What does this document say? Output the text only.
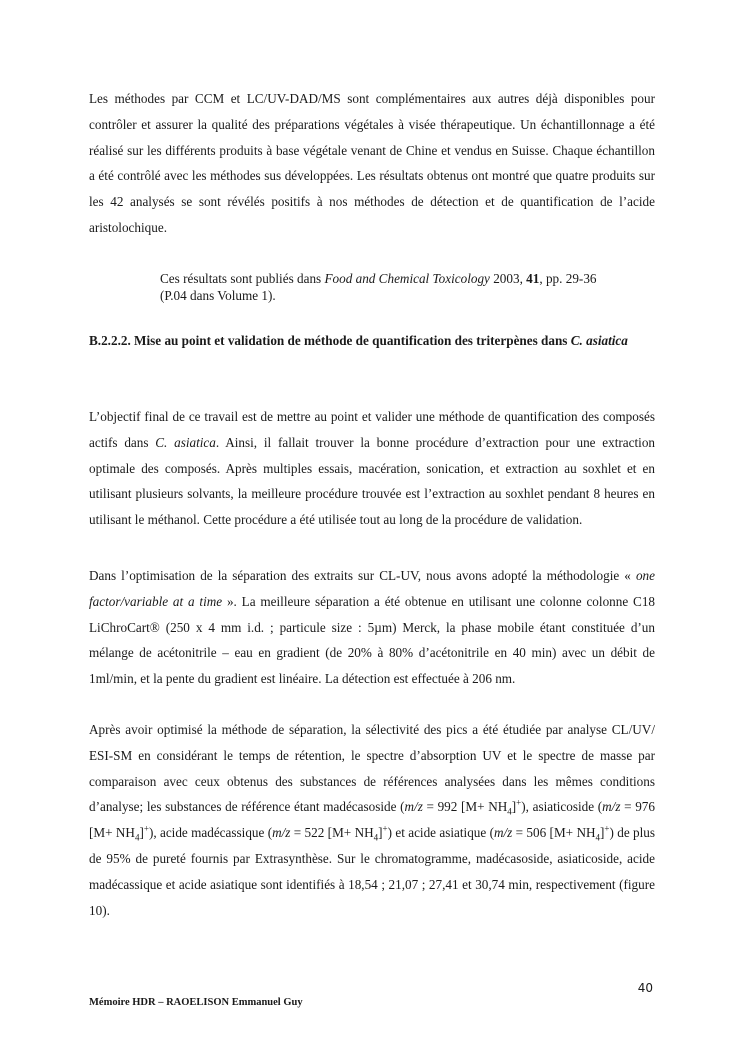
Les méthodes par CCM et LC/UV-DAD/MS sont complémentaires aux autres déjà disponibles pour contrôler et assurer la qualité des préparations végétales à visée thérapeutique. Un échantillonnage a été réalisé sur les différents produits à base végétale venant de Chine et vendus en Suisse. Chaque échantillon a été contrôlé avec les méthodes sus développées. Les résultats obtenus ont montré que quatre produits sur les 42 analysés se sont révélés positifs à nos méthodes de détection et de quantification de l’acide aristolochique.

Ces résultats sont publiés dans Food and Chemical Toxicology 2003, 41, pp. 29-36
(P.04 dans Volume 1).

B.2.2.2. Mise au point et validation de méthode de quantification des triterpènes dans C. asiatica

L’objectif final de ce travail est de mettre au point et valider une méthode de quantification des composés actifs dans C. asiatica. Ainsi, il fallait trouver la bonne procédure d’extraction pour une extraction optimale des composés. Après multiples essais, macération, sonication, et extraction au soxhlet et en utilisant plusieurs solvants, la meilleure procédure trouvée est l’extraction au soxhlet pendant 8 heures en utilisant le méthanol. Cette procédure a été utilisée tout au long de la procédure de validation.

Dans l’optimisation de la séparation des extraits sur CL-UV, nous avons adopté la méthodologie « one factor/variable at a time ». La meilleure séparation a été obtenue en utilisant une colonne colonne C18 LiChroCart® (250 x 4 mm i.d. ; particule size : 5µm) Merck, la phase mobile étant constituée d’un mélange de acétonitrile – eau en gradient (de 20% à 80% d’acétonitrile en 40 min) avec un débit de 1ml/min, et la pente du gradient est linéaire. La détection est effectuée à 206 nm.

Après avoir optimisé la méthode de séparation, la sélectivité des pics a été étudiée par analyse CL/UV/ ESI-SM en considérant le temps de rétention, le spectre d’absorption UV et le spectre de masse par comparaison avec ceux obtenus des substances de références analysées dans les mêmes conditions d’analyse; les substances de référence étant madécasoside (m/z = 992 $[M+ NH_4]^+$), asiaticoside (m/z = 976 $[M+ NH_4]^+$), acide madécassique (m/z = 522 $[M+ NH_4]^+$) et acide asiatique (m/z = 506 $[M+ NH_4]^+$) de plus de 95% de pureté fournis par Extrasynthèse. Sur le chromatogramme, madécasoside, asiaticoside, acide madécassique et acide asiatique sont identifiés à 18,54 ; 21,07 ; 27,41 et 30,74 min, respectivement (figure 10).

40
Mémoire HDR – RAOELISON Emmanuel Guy
